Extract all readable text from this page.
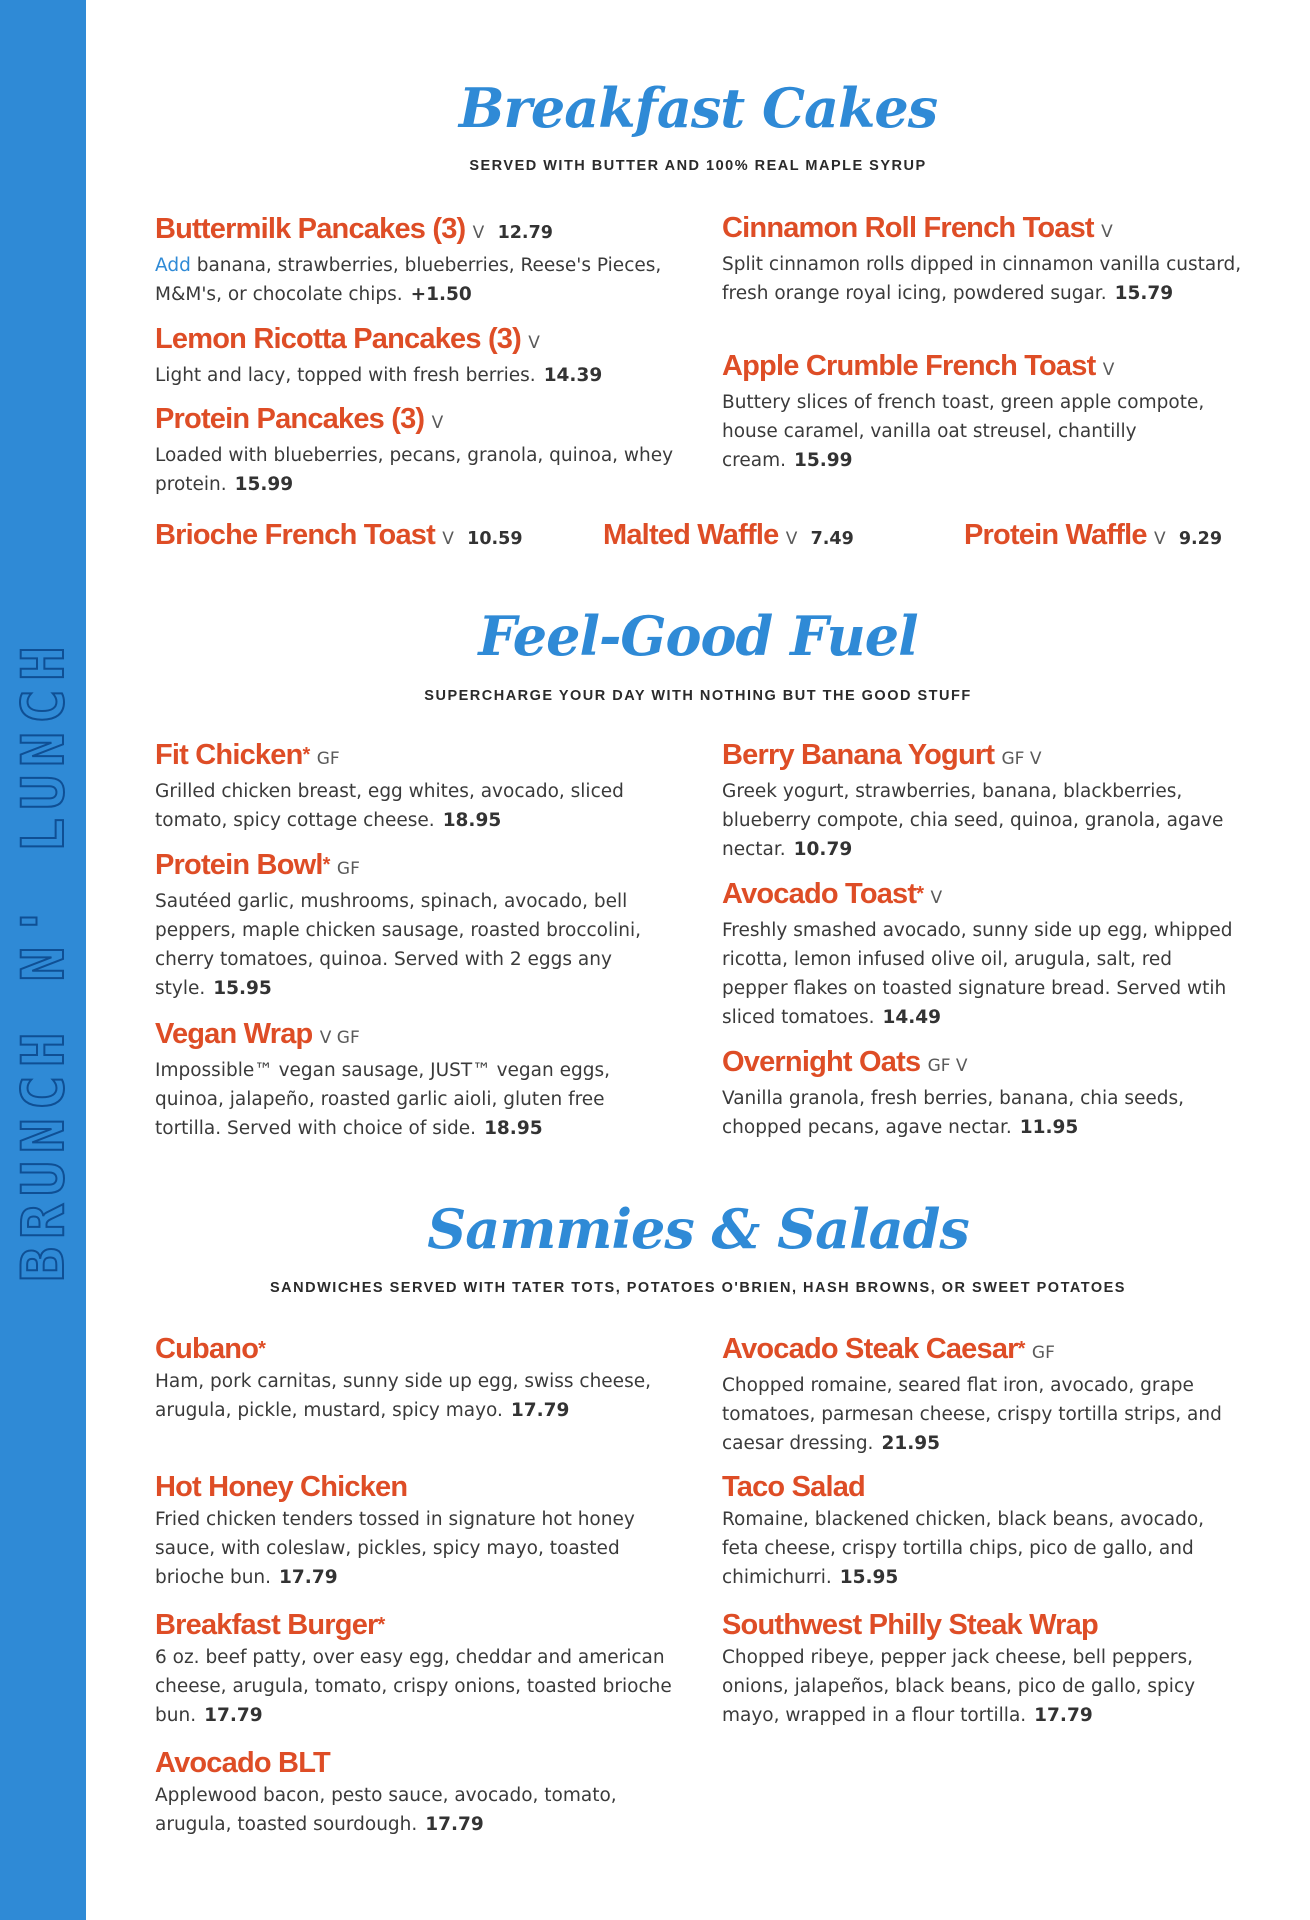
BRUNCH N' LUNCH
Breakfast Cakes
SERVED WITH BUTTER AND 100% REAL MAPLE SYRUP
Buttermilk Pancakes (3) V 12.79
Add banana, strawberries, blueberries, Reese's Pieces, M&M's, or chocolate chips. +1.50
Lemon Ricotta Pancakes (3) V
Light and lacy, topped with fresh berries. 14.39
Protein Pancakes (3) V
Loaded with blueberries, pecans, granola, quinoa, whey protein. 15.99
Cinnamon Roll French Toast V
Split cinnamon rolls dipped in cinnamon vanilla custard, fresh orange royal icing, powdered sugar. 15.79
Apple Crumble French Toast V
Buttery slices of french toast, green apple compote, house caramel, vanilla oat streusel, chantilly cream. 15.99
Brioche French Toast V 10.59	Malted Waffle V 7.49	Protein Waffle V 9.29
Feel-Good Fuel
SUPERCHARGE YOUR DAY WITH NOTHING BUT THE GOOD STUFF
Fit Chicken* GF
Grilled chicken breast, egg whites, avocado, sliced tomato, spicy cottage cheese. 18.95
Protein Bowl* GF
Sautéed garlic, mushrooms, spinach, avocado, bell peppers, maple chicken sausage, roasted broccolini, cherry tomatoes, quinoa. Served with 2 eggs any style. 15.95
Vegan Wrap V GF
Impossible™ vegan sausage, JUST™ vegan eggs, quinoa, jalapeño, roasted garlic aioli, gluten free tortilla. Served with choice of side. 18.95
Berry Banana Yogurt GF V
Greek yogurt, strawberries, banana, blackberries, blueberry compote, chia seed, quinoa, granola, agave nectar. 10.79
Avocado Toast* V
Freshly smashed avocado, sunny side up egg, whipped ricotta, lemon infused olive oil, arugula, salt, red pepper flakes on toasted signature bread. Served wtih sliced tomatoes. 14.49
Overnight Oats GF V
Vanilla granola, fresh berries, banana, chia seeds, chopped pecans, agave nectar. 11.95
Sammies & Salads
SANDWICHES SERVED WITH TATER TOTS, POTATOES O'BRIEN, HASH BROWNS, OR SWEET POTATOES
Cubano*
Ham, pork carnitas, sunny side up egg, swiss cheese, arugula, pickle, mustard, spicy mayo. 17.79
Hot Honey Chicken
Fried chicken tenders tossed in signature hot honey sauce, with coleslaw, pickles, spicy mayo, toasted brioche bun. 17.79
Breakfast Burger*
6 oz. beef patty, over easy egg, cheddar and american cheese, arugula, tomato, crispy onions, toasted brioche bun. 17.79
Avocado BLT
Applewood bacon, pesto sauce, avocado, tomato, arugula, toasted sourdough. 17.79
Avocado Steak Caesar* GF
Chopped romaine, seared flat iron, avocado, grape tomatoes, parmesan cheese, crispy tortilla strips, and caesar dressing. 21.95
Taco Salad
Romaine, blackened chicken, black beans, avocado, feta cheese, crispy tortilla chips, pico de gallo, and chimichurri. 15.95
Southwest Philly Steak Wrap
Chopped ribeye, pepper jack cheese, bell peppers, onions, jalapeños, black beans, pico de gallo, spicy mayo, wrapped in a flour tortilla. 17.79
